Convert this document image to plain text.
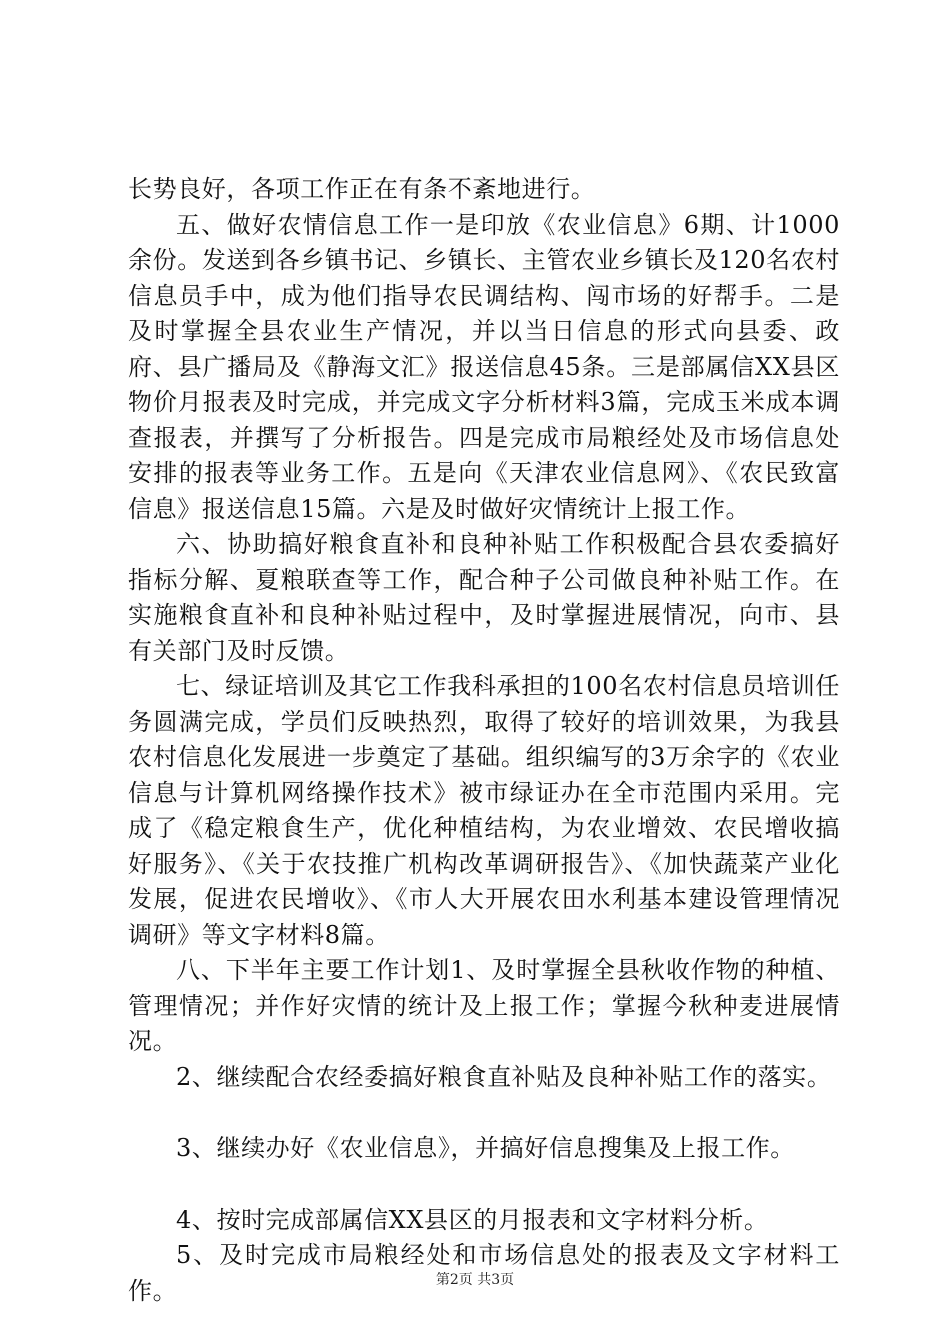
长势良好，各项工作正在有条不紊地进行。

五、做好农情信息工作一是印放《农业信息》6期、计1000余份。发送到各乡镇书记、乡镇长、主管农业乡镇长及120名农村信息员手中，成为他们指导农民调结构、闯市场的好帮手。二是及时掌握全县农业生产情况，并以当日信息的形式向县委、政府、县广播局及《静海文汇》报送信息45条。三是部属信XX县区物价月报表及时完成，并完成文字分析材料3篇，完成玉米成本调查报表，并撰写了分析报告。四是完成市局粮经处及市场信息处安排的报表等业务工作。五是向《天津农业信息网》、《农民致富信息》报送信息15篇。六是及时做好灾情统计上报工作。

六、协助搞好粮食直补和良种补贴工作积极配合县农委搞好指标分解、夏粮联查等工作，配合种子公司做良种补贴工作。在实施粮食直补和良种补贴过程中，及时掌握进展情况，向市、县有关部门及时反馈。

七、绿证培训及其它工作我科承担的100名农村信息员培训任务圆满完成，学员们反映热烈，取得了较好的培训效果，为我县农村信息化发展进一步奠定了基础。组织编写的3万余字的《农业信息与计算机网络操作技术》被市绿证办在全市范围内采用。完成了《稳定粮食生产，优化种植结构，为农业增效、农民增收搞好服务》、《关于农技推广机构改革调研报告》、《加快蔬菜产业化发展，促进农民增收》、《市人大开展农田水利基本建设管理情况调研》等文字材料8篇。

八、下半年主要工作计划1、及时掌握全县秋收作物的种植、管理情况；并作好灾情的统计及上报工作；掌握今秋种麦进展情况。

2、继续配合农经委搞好粮食直补贴及良种补贴工作的落实。

3、继续办好《农业信息》，并搞好信息搜集及上报工作。

4、按时完成部属信XX县区的月报表和文字材料分析。

5、及时完成市局粮经处和市场信息处的报表及文字材料工作。	第2页 共3页
